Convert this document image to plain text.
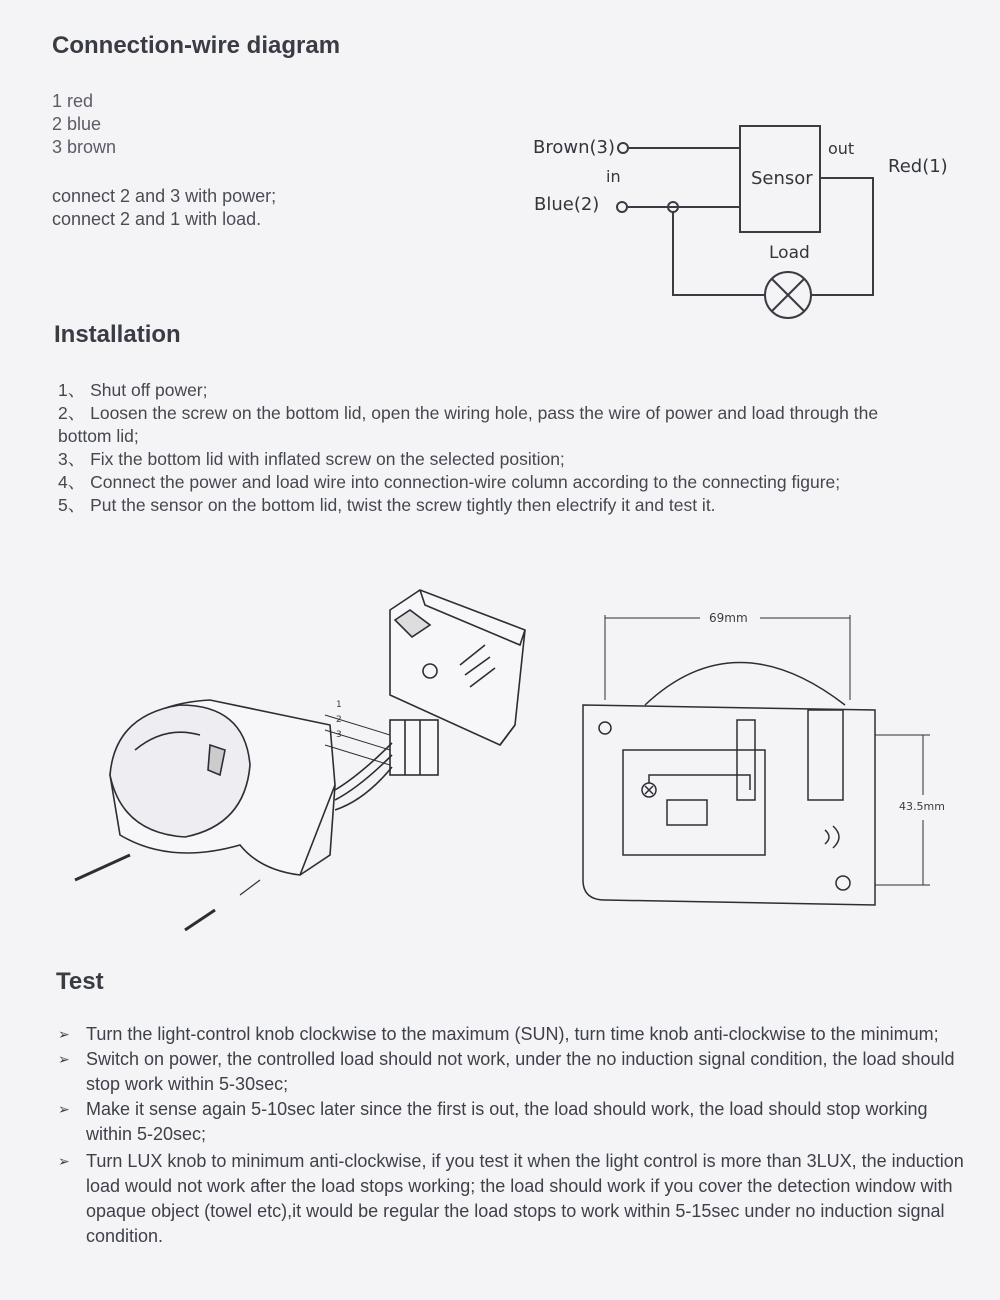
Connection-wire diagram
1 red
2 blue
3 brown
connect 2 and 3 with power;
connect 2 and 1 with load.
Brown(3)
Blue(2)
in	Sensor
out
Red(1)
Load
Installation
1、 Shut off power;
2、 Loosen the screw on the bottom lid, open the wiring hole, pass the wire of power and load through the
bottom lid;
3、 Fix the bottom lid with inflated screw on the selected position;
4、 Connect the power and load wire into connection-wire column according to the connecting figure;
5、 Put the sensor on the bottom lid, twist the screw tightly then electrify it and test it.
1
2
3
69mm
43.5mm
Test
➢ Turn the light-control knob clockwise to the maximum (SUN), turn time knob anti-clockwise to the minimum;
➢ Switch on power, the controlled load should not work, under the no induction signal condition, the load should stop work within 5-30sec;
➢ Make it sense again 5-10sec later since the first is out, the load should work, the load should stop working within 5-20sec;
➢ Turn LUX knob to minimum anti-clockwise, if you test it when the light control is more than 3LUX, the induction load would not work after the load stops working; the load should work if you cover the detection window with opaque object (towel etc),it would be regular the load stops to work within 5-15sec under no induction signal condition.
